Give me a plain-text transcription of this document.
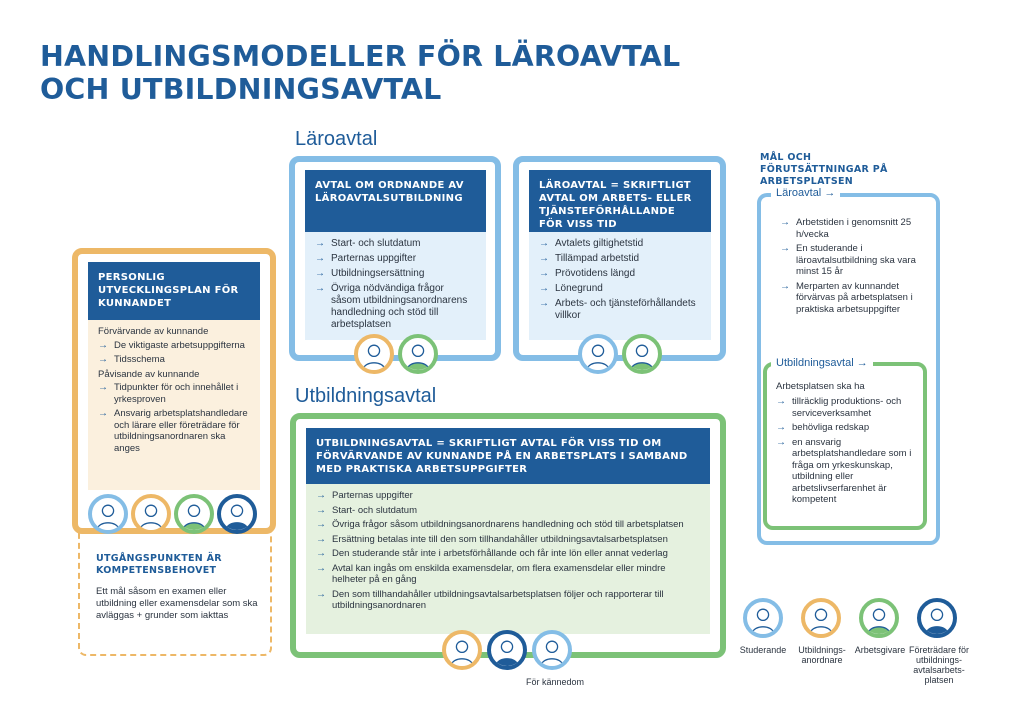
HANDLINGSMODELLER FÖR LÄROAVTAL
OCH UTBILDNINGSAVTAL
Läroavtal
AVTAL OM ORDNANDE AV LÄROAVTALSUTBILDNING
→ Start- och slutdatum
→ Parternas uppgifter
→ Utbildningsersättning
→ Övriga nödvändiga frågor såsom utbildningsanordnarens handledning och stöd till arbetsplatsen
LÄROAVTAL = SKRIFTLIGT AVTAL OM ARBETS- ELLER TJÄNSTEFÖRHÅLLANDE FÖR VISS TID
→ Avtalets giltighetstid
→ Tillämpad arbetstid
→ Prövotidens längd
→ Lönegrund
→ Arbets- och tjänsteförhållandets villkor
PERSONLIG UTVECKLINGSPLAN FÖR KUNNANDET
Förvärvande av kunnande
→ De viktigaste arbetsuppgifterna
→ Tidsschema
Påvisande av kunnande
→ Tidpunkter för och innehållet i yrkesproven
→ Ansvarig arbetsplatshandledare och lärare eller företrädare för utbildningsanordnaren ska anges
UTGÅNGSPUNKTEN ÄR KOMPETENSBEHOVET
Ett mål såsom en examen eller utbildning eller examensdelar som ska avläggas + grunder som iakttas
Utbildningsavtal
UTBILDNINGSAVTAL = SKRIFTLIGT AVTAL FÖR VISS TID OM FÖRVÄRVANDE AV KUNNANDE PÅ EN ARBETSPLATS I SAMBAND MED PRAKTISKA ARBETSUPPGIFTER
→ Parternas uppgifter
→ Start- och slutdatum
→ Övriga frågor såsom utbildningsanordnarens handledning och stöd till arbetsplatsen
→ Ersättning betalas inte till den som tillhandahåller utbildningsavtalsarbetsplatsen
→ Den studerande står inte i arbetsförhållande och får inte lön eller annat vederlag
→ Avtal kan ingås om enskilda examensdelar, om flera examensdelar eller mindre helheter på en gång
→ Den som tillhandahåller utbildningsavtalsarbetsplatsen följer och rapporterar till utbildningsanordnaren
För kännedom
MÅL OCH FÖRUTSÄTTNINGAR PÅ ARBETSPLATSEN
Läroavtal →
→ Arbetstiden i genomsnitt 25 h/vecka
→ En studerande i läroavtalsutbildning ska vara minst 15 år
→ Merparten av kunnandet förvärvas på arbetsplatsen i praktiska arbetsuppgifter
Utbildningsavtal →
Arbetsplatsen ska ha
→ tillräcklig produktions- och serviceverksamhet
→ behövliga redskap
→ en ansvarig arbetsplatshandledare som i fråga om yrkeskunskap, utbildning eller arbetslivserfarenhet är kompetent
Studerande	Utbildnings-anordnare
Arbetsgivare Företrädare för utbildnings-avtalsarbets-platsen
